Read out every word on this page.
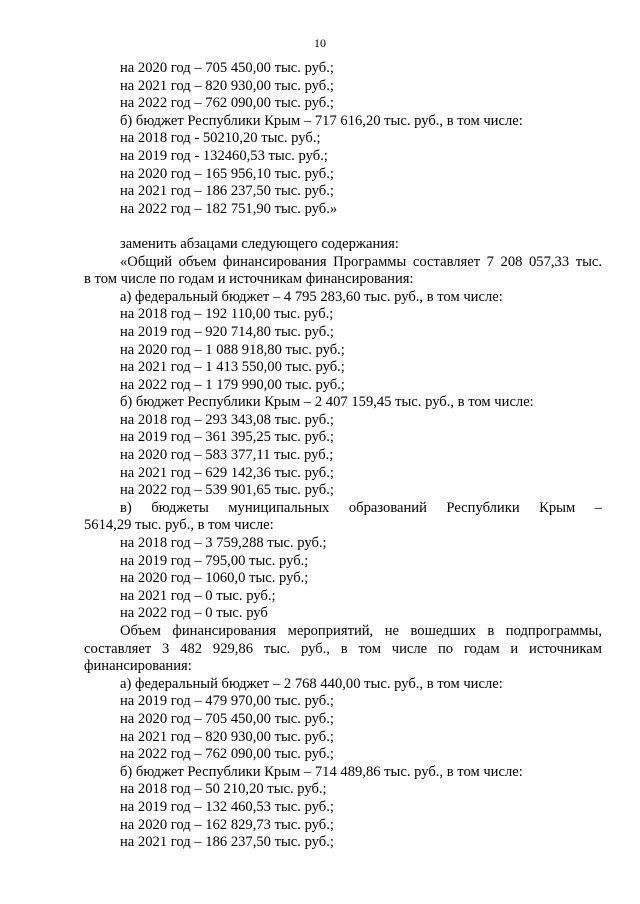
10
на 2020 год – 705 450,00 тыс. руб.;
на 2021 год – 820 930,00 тыс. руб.;
на 2022 год – 762 090,00 тыс. руб.;
б) бюджет Республики Крым – 717 616,20 тыс. руб., в том числе:
на 2018 год - 50210,20 тыс. руб.;
на 2019 год - 132460,53 тыс. руб.;
на 2020 год – 165 956,10 тыс. руб.;
на 2021 год – 186 237,50 тыс. руб.;
на 2022 год – 182 751,90 тыс. руб.»
заменить абзацами следующего содержания:
«Общий объем финансирования Программы составляет 7 208 057,33 тыс.
в том числе по годам и источникам финансирования:
а) федеральный бюджет – 4 795 283,60 тыс. руб., в том числе:
на 2018 год – 192 110,00 тыс. руб.;
на 2019 год – 920 714,80 тыс. руб.;
на 2020 год – 1 088 918,80 тыс. руб.;
на 2021 год – 1 413 550,00 тыс. руб.;
на 2022 год – 1 179 990,00 тыс. руб.;
б) бюджет Республики Крым – 2 407 159,45 тыс. руб., в том числе:
на 2018 год – 293 343,08 тыс. руб.;
на 2019 год – 361 395,25 тыс. руб.;
на 2020 год – 583 377,11 тыс. руб.;
на 2021 год – 629 142,36 тыс. руб.;
на 2022 год – 539 901,65 тыс. руб.;
в) бюджеты муниципальных образований Республики Крым –
5614,29 тыс. руб., в том числе:
на 2018 год – 3 759,288 тыс. руб.;
на 2019 год – 795,00 тыс. руб.;
на 2020 год – 1060,0 тыс. руб.;
на 2021 год – 0 тыс. руб.;
на 2022 год – 0 тыс. руб
Объем финансирования мероприятий, не вошедших в подпрограммы,
составляет 3 482 929,86 тыс. руб., в том числе по годам и источникам
финансирования:
а) федеральный бюджет – 2 768 440,00 тыс. руб., в том числе:
на 2019 год – 479 970,00 тыс. руб.;
на 2020 год – 705 450,00 тыс. руб.;
на 2021 год – 820 930,00 тыс. руб.;
на 2022 год – 762 090,00 тыс. руб.;
б) бюджет Республики Крым – 714 489,86 тыс. руб., в том числе:
на 2018 год – 50 210,20 тыс. руб.;
на 2019 год – 132 460,53 тыс. руб.;
на 2020 год – 162 829,73 тыс. руб.;
на 2021 год – 186 237,50 тыс. руб.;
